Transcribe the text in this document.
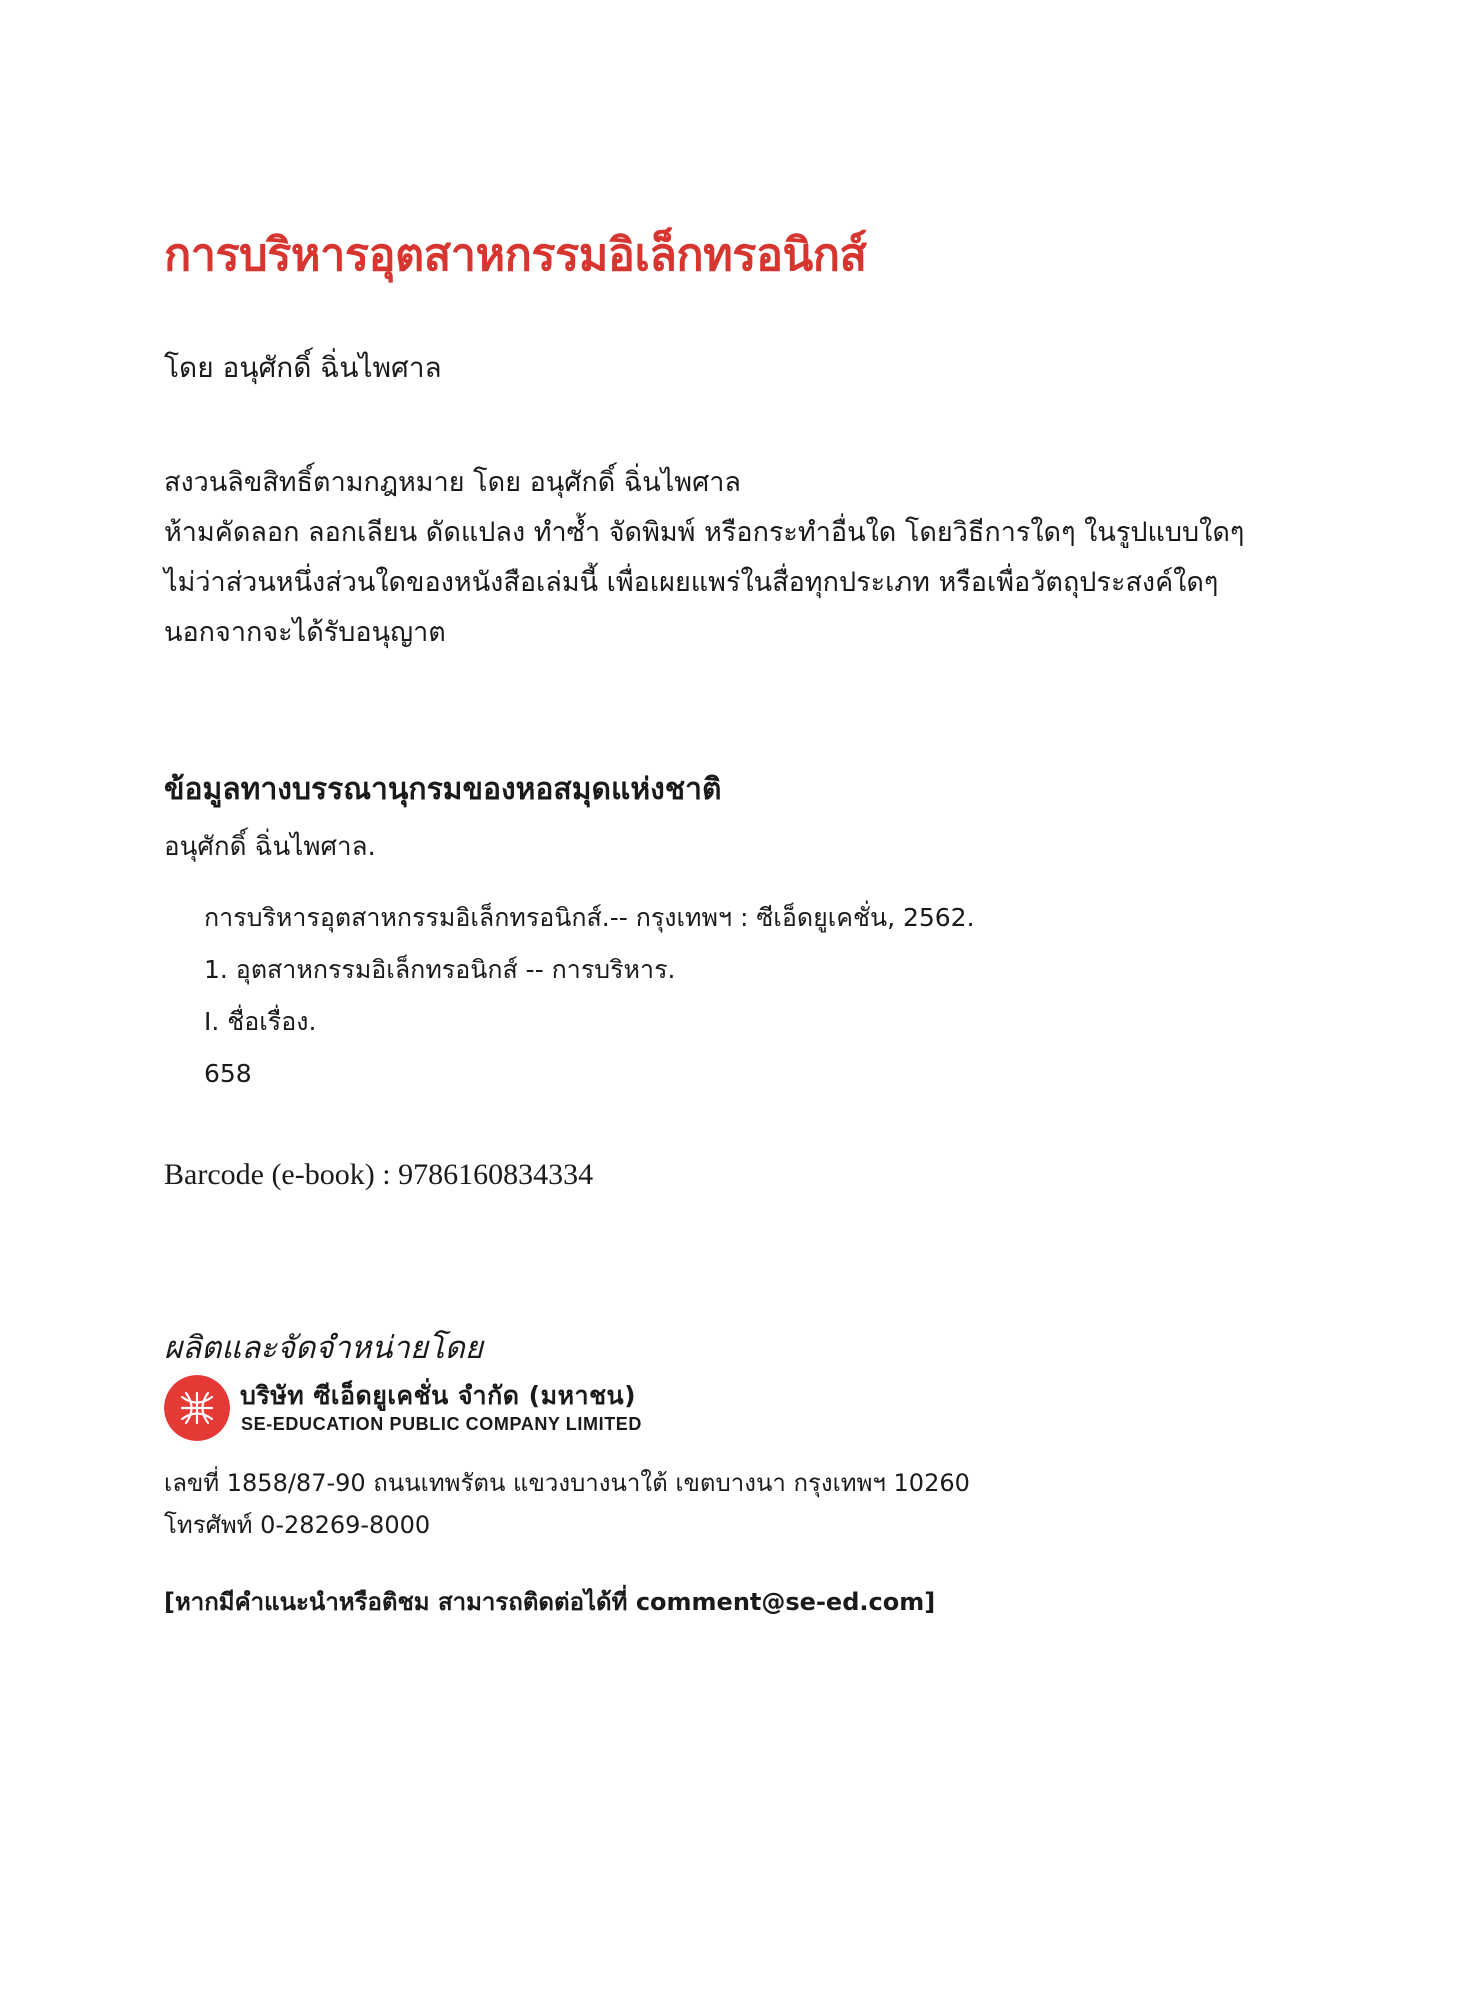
การบริหารอุตสาหกรรมอิเล็กทรอนิกส์
โดย อนุศักดิ์ ฉิ่นไพศาล
สงวนลิขสิทธิ์ตามกฎหมาย โดย อนุศักดิ์ ฉิ่นไพศาล
ห้ามคัดลอก ลอกเลียน ดัดแปลง ทำซ้ำ จัดพิมพ์ หรือกระทำอื่นใด โดยวิธีการใดๆ ในรูปแบบใดๆ
ไม่ว่าส่วนหนึ่งส่วนใดของหนังสือเล่มนี้ เพื่อเผยแพร่ในสื่อทุกประเภท หรือเพื่อวัตถุประสงค์ใดๆ
นอกจากจะได้รับอนุญาต
ข้อมูลทางบรรณานุกรมของหอสมุดแห่งชาติ
อนุศักดิ์ ฉิ่นไพศาล.
การบริหารอุตสาหกรรมอิเล็กทรอนิกส์.-- กรุงเทพฯ : ซีเอ็ดยูเคชั่น, 2562.
1. อุตสาหกรรมอิเล็กทรอนิกส์ -- การบริหาร.
I. ชื่อเรื่อง.
658
Barcode (e-book) : 9786160834334
ผลิตและจัดจำหน่ายโดย
บริษัท ซีเอ็ดยูเคชั่น จำกัด (มหาชน)
SE-EDUCATION PUBLIC COMPANY LIMITED
เลขที่ 1858/87-90 ถนนเทพรัตน แขวงบางนาใต้ เขตบางนา กรุงเทพฯ 10260
โทรศัพท์ 0-28269-8000
[หากมีคำแนะนำหรือติชม สามารถติดต่อได้ที่ comment@se-ed.com]
